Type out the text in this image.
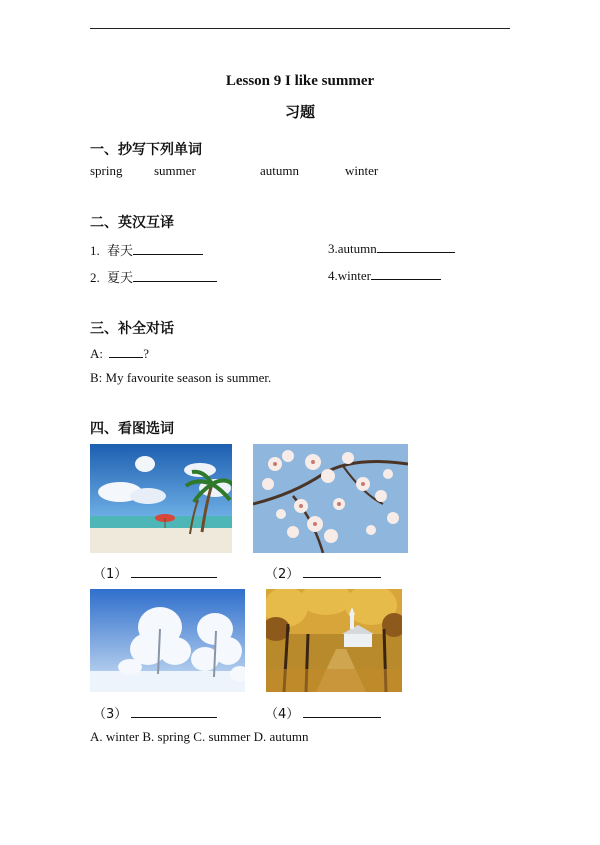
Lesson 9 I like summer
习题
一、抄写下列单词
spring summer	autumn	winter
二、英汉互译
1. 春天	3.autumn
2. 夏天	4.winter
三、补全对话
A:	?
B: My favourite season is summer.
四、看图选词
（1）	（2）
（3）	（4）
A. winter B. spring C. summer D. autumn
